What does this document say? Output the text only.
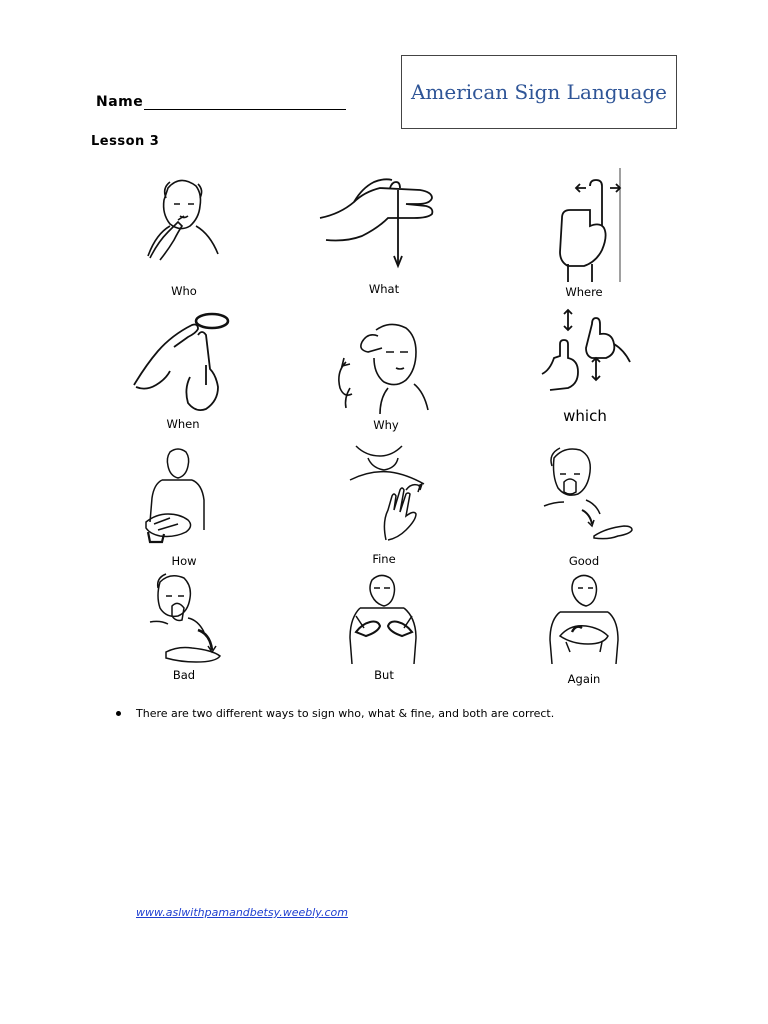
Name	American Sign Language
Lesson 3
Who	What	Where
When	Why	which
How	Fine	Good
Bad	But	Again
There are two different ways to sign who, what & fine, and both are correct.
www.aslwithpamandbetsy.weebly.com
